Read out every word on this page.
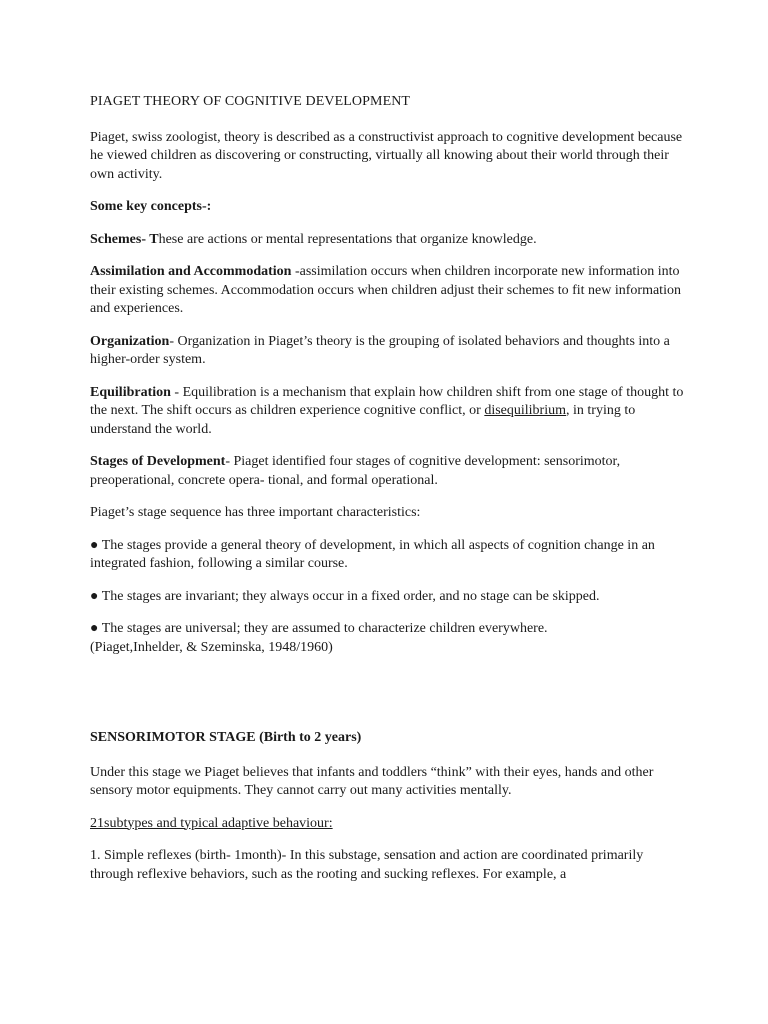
PIAGET THEORY OF COGNITIVE DEVELOPMENT

Piaget, swiss zoologist, theory is described as a constructivist approach to cognitive development because he viewed children as discovering or constructing, virtually all knowing about their world through their own activity.

Some key concepts-:

Schemes- These are actions or mental representations that organize knowledge.

Assimilation and Accommodation -assimilation occurs when children incorporate new information into their existing schemes. Accommodation occurs when children adjust their schemes to fit new information and experiences.

Organization- Organization in Piaget’s theory is the grouping of isolated behaviors and thoughts into a higher-order system.

Equilibration - Equilibration is a mechanism that explain how children shift from one stage of thought to the next. The shift occurs as children experience cognitive conflict, or disequilibrium, in trying to understand the world.

Stages of Development- Piaget identified four stages of cognitive development: sensorimotor, preoperational, concrete opera- tional, and formal operational.

Piaget’s stage sequence has three important characteristics:

● The stages provide a general theory of development, in which all aspects of cognition change in an integrated fashion, following a similar course.

● The stages are invariant; they always occur in a fixed order, and no stage can be skipped.

● The stages are universal; they are assumed to characterize children everywhere.

(Piaget,Inhelder, & Szeminska, 1948/1960)

SENSORIMOTOR STAGE (Birth to 2 years)

Under this stage we Piaget believes that infants and toddlers “think” with their eyes, hands and other sensory motor equipments. They cannot carry out many activities mentally.

21subtypes and typical adaptive behaviour:

1. Simple reflexes (birth- 1month)- In this substage, sensation and action are coordinated primarily through reflexive behaviors, such as the rooting and sucking reflexes. For example, a
